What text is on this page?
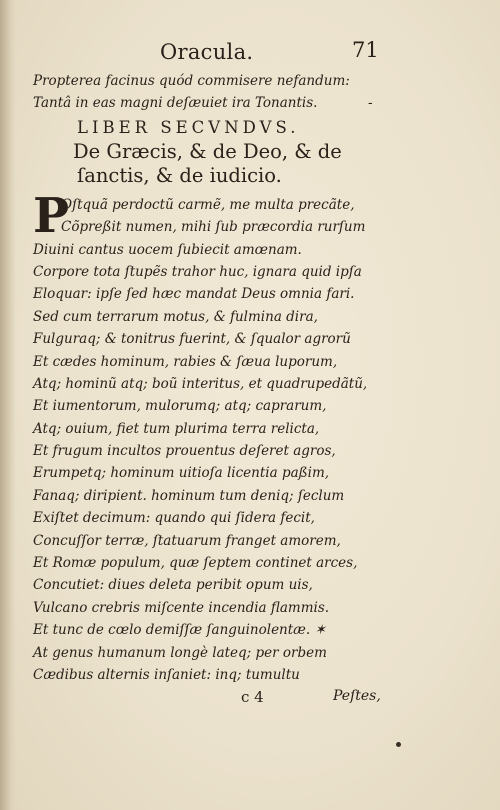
Oracula.	71
Propterea facinus quód commisere nefandum:
Tantâ in eas magni deſæuiet ira Tonantis.	-
LIBER SECVNDVS.
De Græcis, & de Deo, & de
ſanctis, & de iudicio.
P
Oſtquã perdoctũ carmẽ, me multa precãte,
Cõpreßit numen, mihi ſub præcordia rurſum
Diuini cantus uocem ſubiecit amœnam.
Corpore tota ſtupẽs trahor huc, ignara quid ipſa
Eloquar: ipſe ſed hæc mandat Deus omnia fari.
Sed cum terrarum motus, & fulmina dira,
Fulguraq; & tonitrus fuerint, & ſqualor agrorũ
Et cædes hominum, rabies & ſæua luporum,
Atq; hominũ atq; boũ interitus, et quadrupedãtũ,
Et iumentorum, mulorumq; atq; caprarum,
Atq; ouium, fiet tum plurima terra relicta,
Et frugum incultos prouentus deſeret agros,
Erumpetq; hominum uitioſa licentia paßim,
Fanaq; diripient. hominum tum deniq; ſeclum
Exiſtet decimum: quando qui ſidera fecit,
Concuſſor terræ, ſtatuarum franget amorem,
Et Romæ populum, quæ ſeptem continet arces,
Concutiet: diues deleta peribit opum uis,
Vulcano crebris miſcente incendia flammis.
Et tunc de cœlo demiſſæ ſanguinolentæ. ✶
At genus humanum longè lateq; per orbem
Cædibus alternis inſaniet: inq; tumultu
c 4	Peſtes,
